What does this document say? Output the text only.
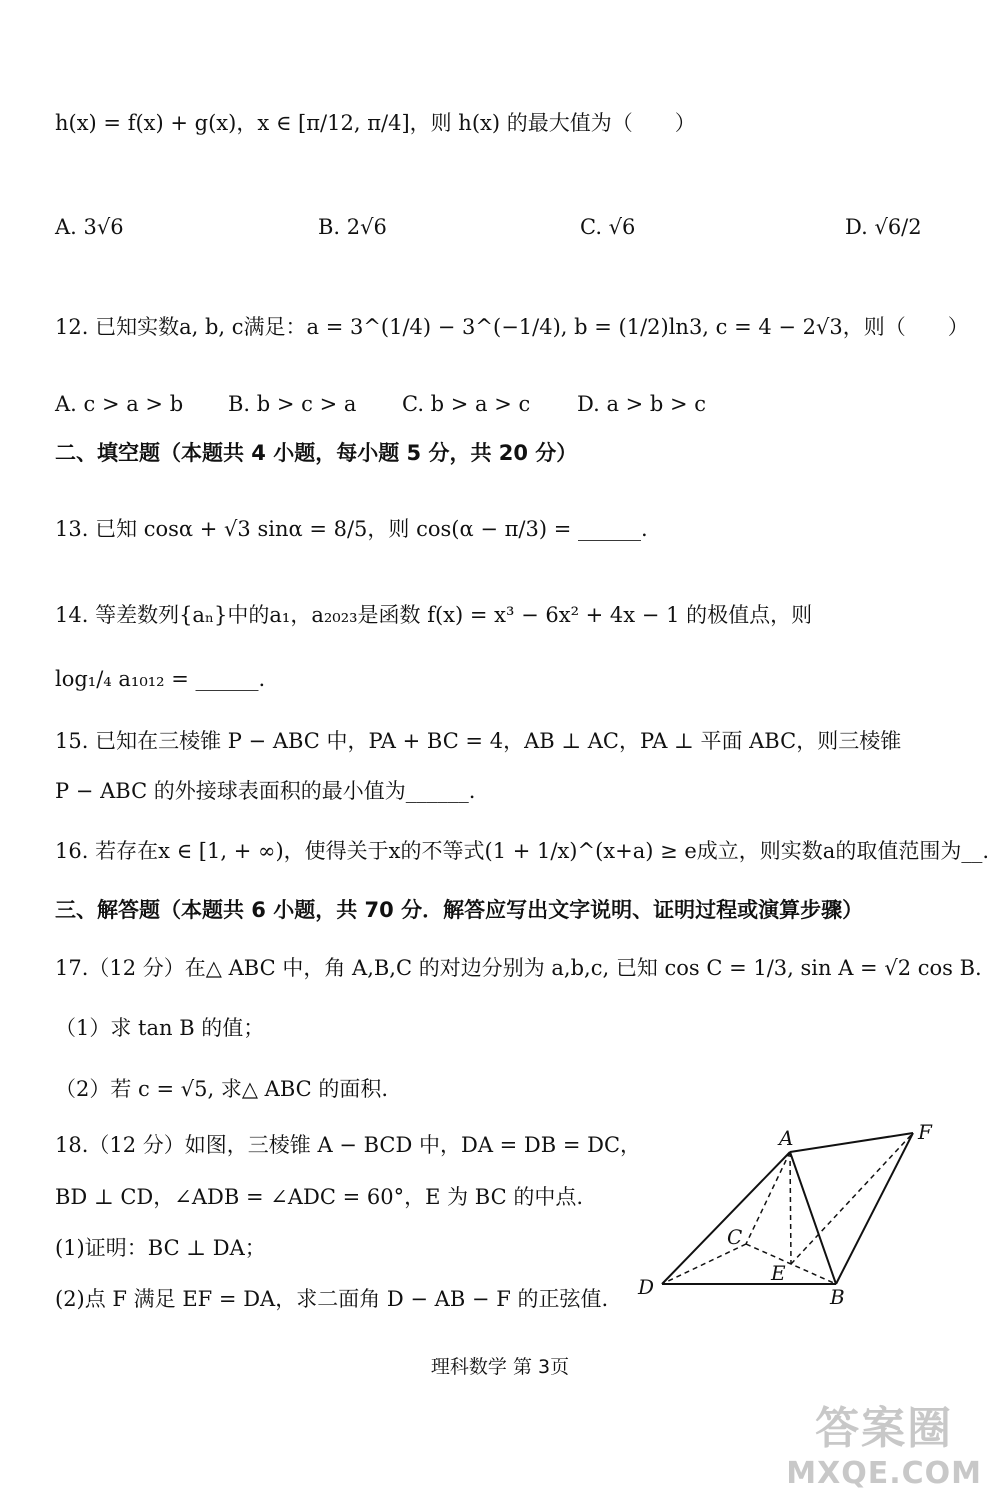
h(x) = f(x) + g(x)，x ∈ [π/12, π/4]，则 h(x) 的最大值为（　　）
A. 3√6	B. 2√6	C. √6	D. √6/2
12. 已知实数a, b, c满足：a = 3^(1/4) − 3^(−1/4), b = (1/2)ln3, c = 4 − 2√3，则（　　）
A. c > a > b B. b > c > a C. b > a > c D. a > b > c
二、填空题（本题共 4 小题，每小题 5 分，共 20 分）
13. 已知 cosα + √3 sinα = 8/5，则 cos(α − π/3) = ______.
14. 等差数列{aₙ}中的a₁，a₂₀₂₃是函数 f(x) = x³ − 6x² + 4x − 1 的极值点，则
log₁/₄ a₁₀₁₂ = ______.
15. 已知在三棱锥 P − ABC 中，PA + BC = 4，AB ⊥ AC，PA ⊥ 平面 ABC，则三棱锥
P − ABC 的外接球表面积的最小值为______.
16. 若存在x ∈ [1, + ∞)，使得关于x的不等式(1 + 1/x)^(x+a) ≥ e成立，则实数a的取值范围为__.
三、解答题（本题共 6 小题，共 70 分．解答应写出文字说明、证明过程或演算步骤）
17.（12 分）在△ ABC 中，角 A,B,C 的对边分别为 a,b,c, 已知 cos C = 1/3, sin A = √2 cos B.
（1）求 tan B 的值；
（2）若 c = √5, 求△ ABC 的面积.
18.（12 分）如图，三棱锥 A − BCD 中，DA = DB = DC，
BD ⊥ CD，∠ADB = ∠ADC = 60°，E 为 BC 的中点.
(1)证明：BC ⊥ DA；
(2)点 F 满足 EF = DA，求二面角 D − AB − F 的正弦值.
A	F
C
E
D	B
理科数学 第 3页
答案圈
MXQE.COM
